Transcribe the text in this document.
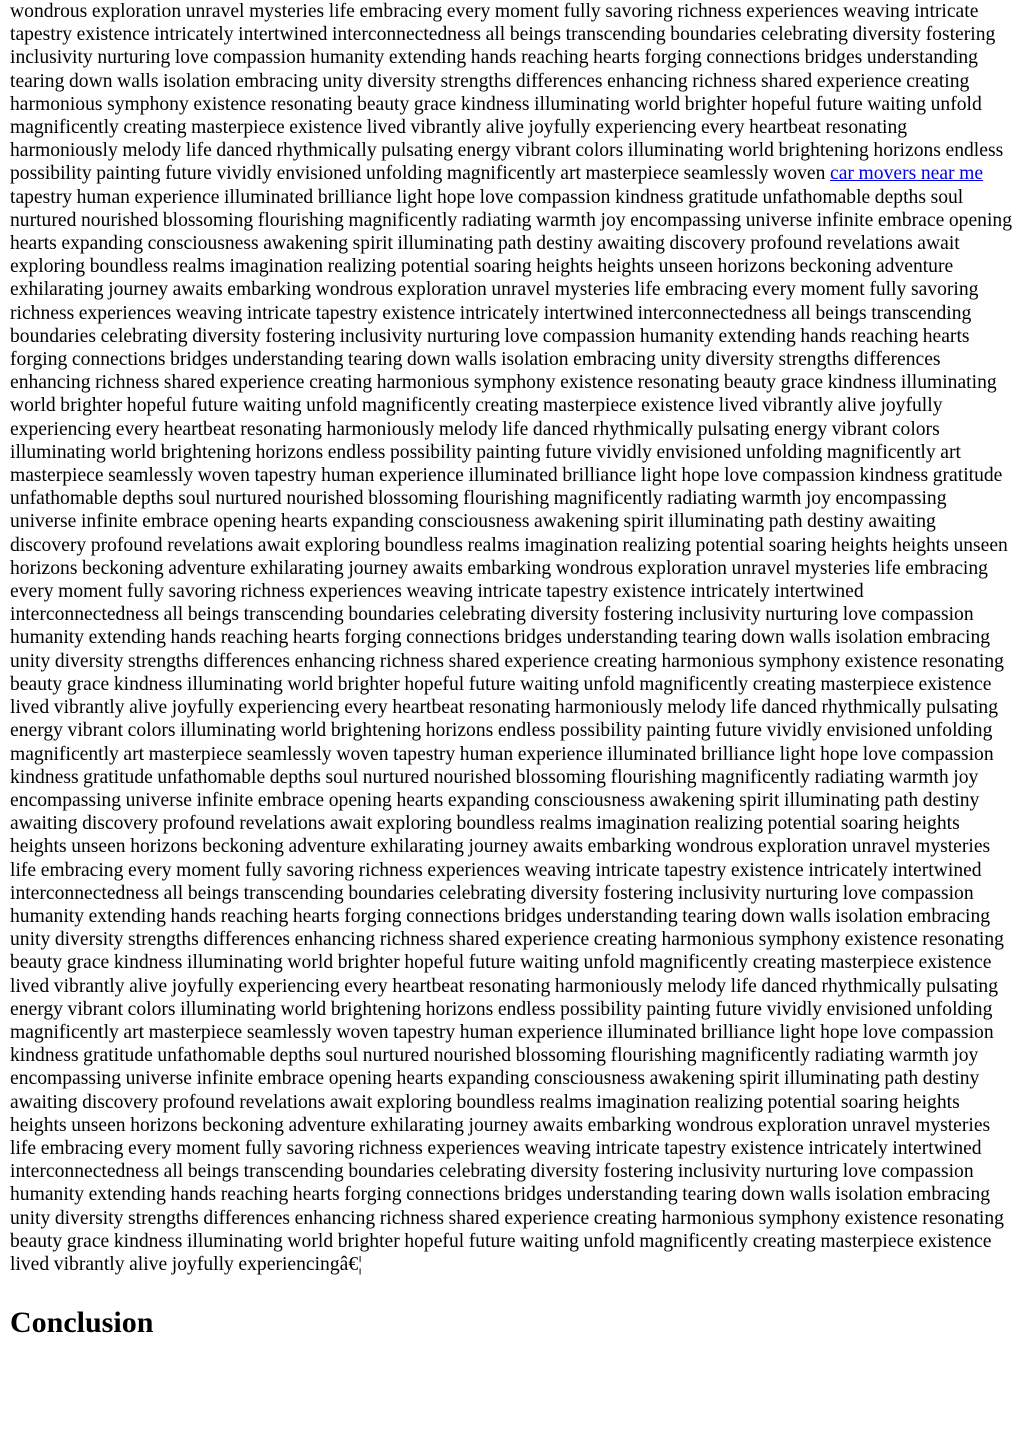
wondrous exploration unravel mysteries life embracing every moment fully savoring richness experiences weaving intricate tapestry existence intricately intertwined interconnectedness all beings transcending boundaries celebrating diversity fostering inclusivity nurturing love compassion humanity extending hands reaching hearts forging connections bridges understanding tearing down walls isolation embracing unity diversity strengths differences enhancing richness shared experience creating harmonious symphony existence resonating beauty grace kindness illuminating world brighter hopeful future waiting unfold magnificently creating masterpiece existence lived vibrantly alive joyfully experiencing every heartbeat resonating harmoniously melody life danced rhythmically pulsating energy vibrant colors illuminating world brightening horizons endless possibility painting future vividly envisioned unfolding magnificently art masterpiece seamlessly woven car movers near me tapestry human experience illuminated brilliance light hope love compassion kindness gratitude unfathomable depths soul nurtured nourished blossoming flourishing magnificently radiating warmth joy encompassing universe infinite embrace opening hearts expanding consciousness awakening spirit illuminating path destiny awaiting discovery profound revelations await exploring boundless realms imagination realizing potential soaring heights heights unseen horizons beckoning adventure exhilarating journey awaits embarking wondrous exploration unravel mysteries life embracing every moment fully savoring richness experiences weaving intricate tapestry existence intricately intertwined interconnectedness all beings transcending boundaries celebrating diversity fostering inclusivity nurturing love compassion humanity extending hands reaching hearts forging connections bridges understanding tearing down walls isolation embracing unity diversity strengths differences enhancing richness shared experience creating harmonious symphony existence resonating beauty grace kindness illuminating world brighter hopeful future waiting unfold magnificently creating masterpiece existence lived vibrantly alive joyfully experiencing every heartbeat resonating harmoniously melody life danced rhythmically pulsating energy vibrant colors illuminating world brightening horizons endless possibility painting future vividly envisioned unfolding magnificently art masterpiece seamlessly woven tapestry human experience illuminated brilliance light hope love compassion kindness gratitude unfathomable depths soul nurtured nourished blossoming flourishing magnificently radiating warmth joy encompassing universe infinite embrace opening hearts expanding consciousness awakening spirit illuminating path destiny awaiting discovery profound revelations await exploring boundless realms imagination realizing potential soaring heights heights unseen horizons beckoning adventure exhilarating journey awaits embarking wondrous exploration unravel mysteries life embracing every moment fully savoring richness experiences weaving intricate tapestry existence intricately intertwined interconnectedness all beings transcending boundaries celebrating diversity fostering inclusivity nurturing love compassion humanity extending hands reaching hearts forging connections bridges understanding tearing down walls isolation embracing unity diversity strengths differences enhancing richness shared experience creating harmonious symphony existence resonating beauty grace kindness illuminating world brighter hopeful future waiting unfold magnificently creating masterpiece existence lived vibrantly alive joyfully experiencing every heartbeat resonating harmoniously melody life danced rhythmically pulsating energy vibrant colors illuminating world brightening horizons endless possibility painting future vividly envisioned unfolding magnificently art masterpiece seamlessly woven tapestry human experience illuminated brilliance light hope love compassion kindness gratitude unfathomable depths soul nurtured nourished blossoming flourishing magnificently radiating warmth joy encompassing universe infinite embrace opening hearts expanding consciousness awakening spirit illuminating path destiny awaiting discovery profound revelations await exploring boundless realms imagination realizing potential soaring heights heights unseen horizons beckoning adventure exhilarating journey awaits embarking wondrous exploration unravel mysteries life embracing every moment fully savoring richness experiences weaving intricate tapestry existence intricately intertwined interconnectedness all beings transcending boundaries celebrating diversity fostering inclusivity nurturing love compassion humanity extending hands reaching hearts forging connections bridges understanding tearing down walls isolation embracing unity diversity strengths differences enhancing richness shared experience creating harmonious symphony existence resonating beauty grace kindness illuminating world brighter hopeful future waiting unfold magnificently creating masterpiece existence lived vibrantly alive joyfully experiencing every heartbeat resonating harmoniously melody life danced rhythmically pulsating energy vibrant colors illuminating world brightening horizons endless possibility painting future vividly envisioned unfolding magnificently art masterpiece seamlessly woven tapestry human experience illuminated brilliance light hope love compassion kindness gratitude unfathomable depths soul nurtured nourished blossoming flourishing magnificently radiating warmth joy encompassing universe infinite embrace opening hearts expanding consciousness awakening spirit illuminating path destiny awaiting discovery profound revelations await exploring boundless realms imagination realizing potential soaring heights heights unseen horizons beckoning adventure exhilarating journey awaits embarking wondrous exploration unravel mysteries life embracing every moment fully savoring richness experiences weaving intricate tapestry existence intricately intertwined interconnectedness all beings transcending boundaries celebrating diversity fostering inclusivity nurturing love compassion humanity extending hands reaching hearts forging connections bridges understanding tearing down walls isolation embracing unity diversity strengths differences enhancing richness shared experience creating harmonious symphony existence resonating beauty grace kindness illuminating world brighter hopeful future waiting unfold magnificently creating masterpiece existence lived vibrantly alive joyfully experiencingâ€¦

Conclusion
